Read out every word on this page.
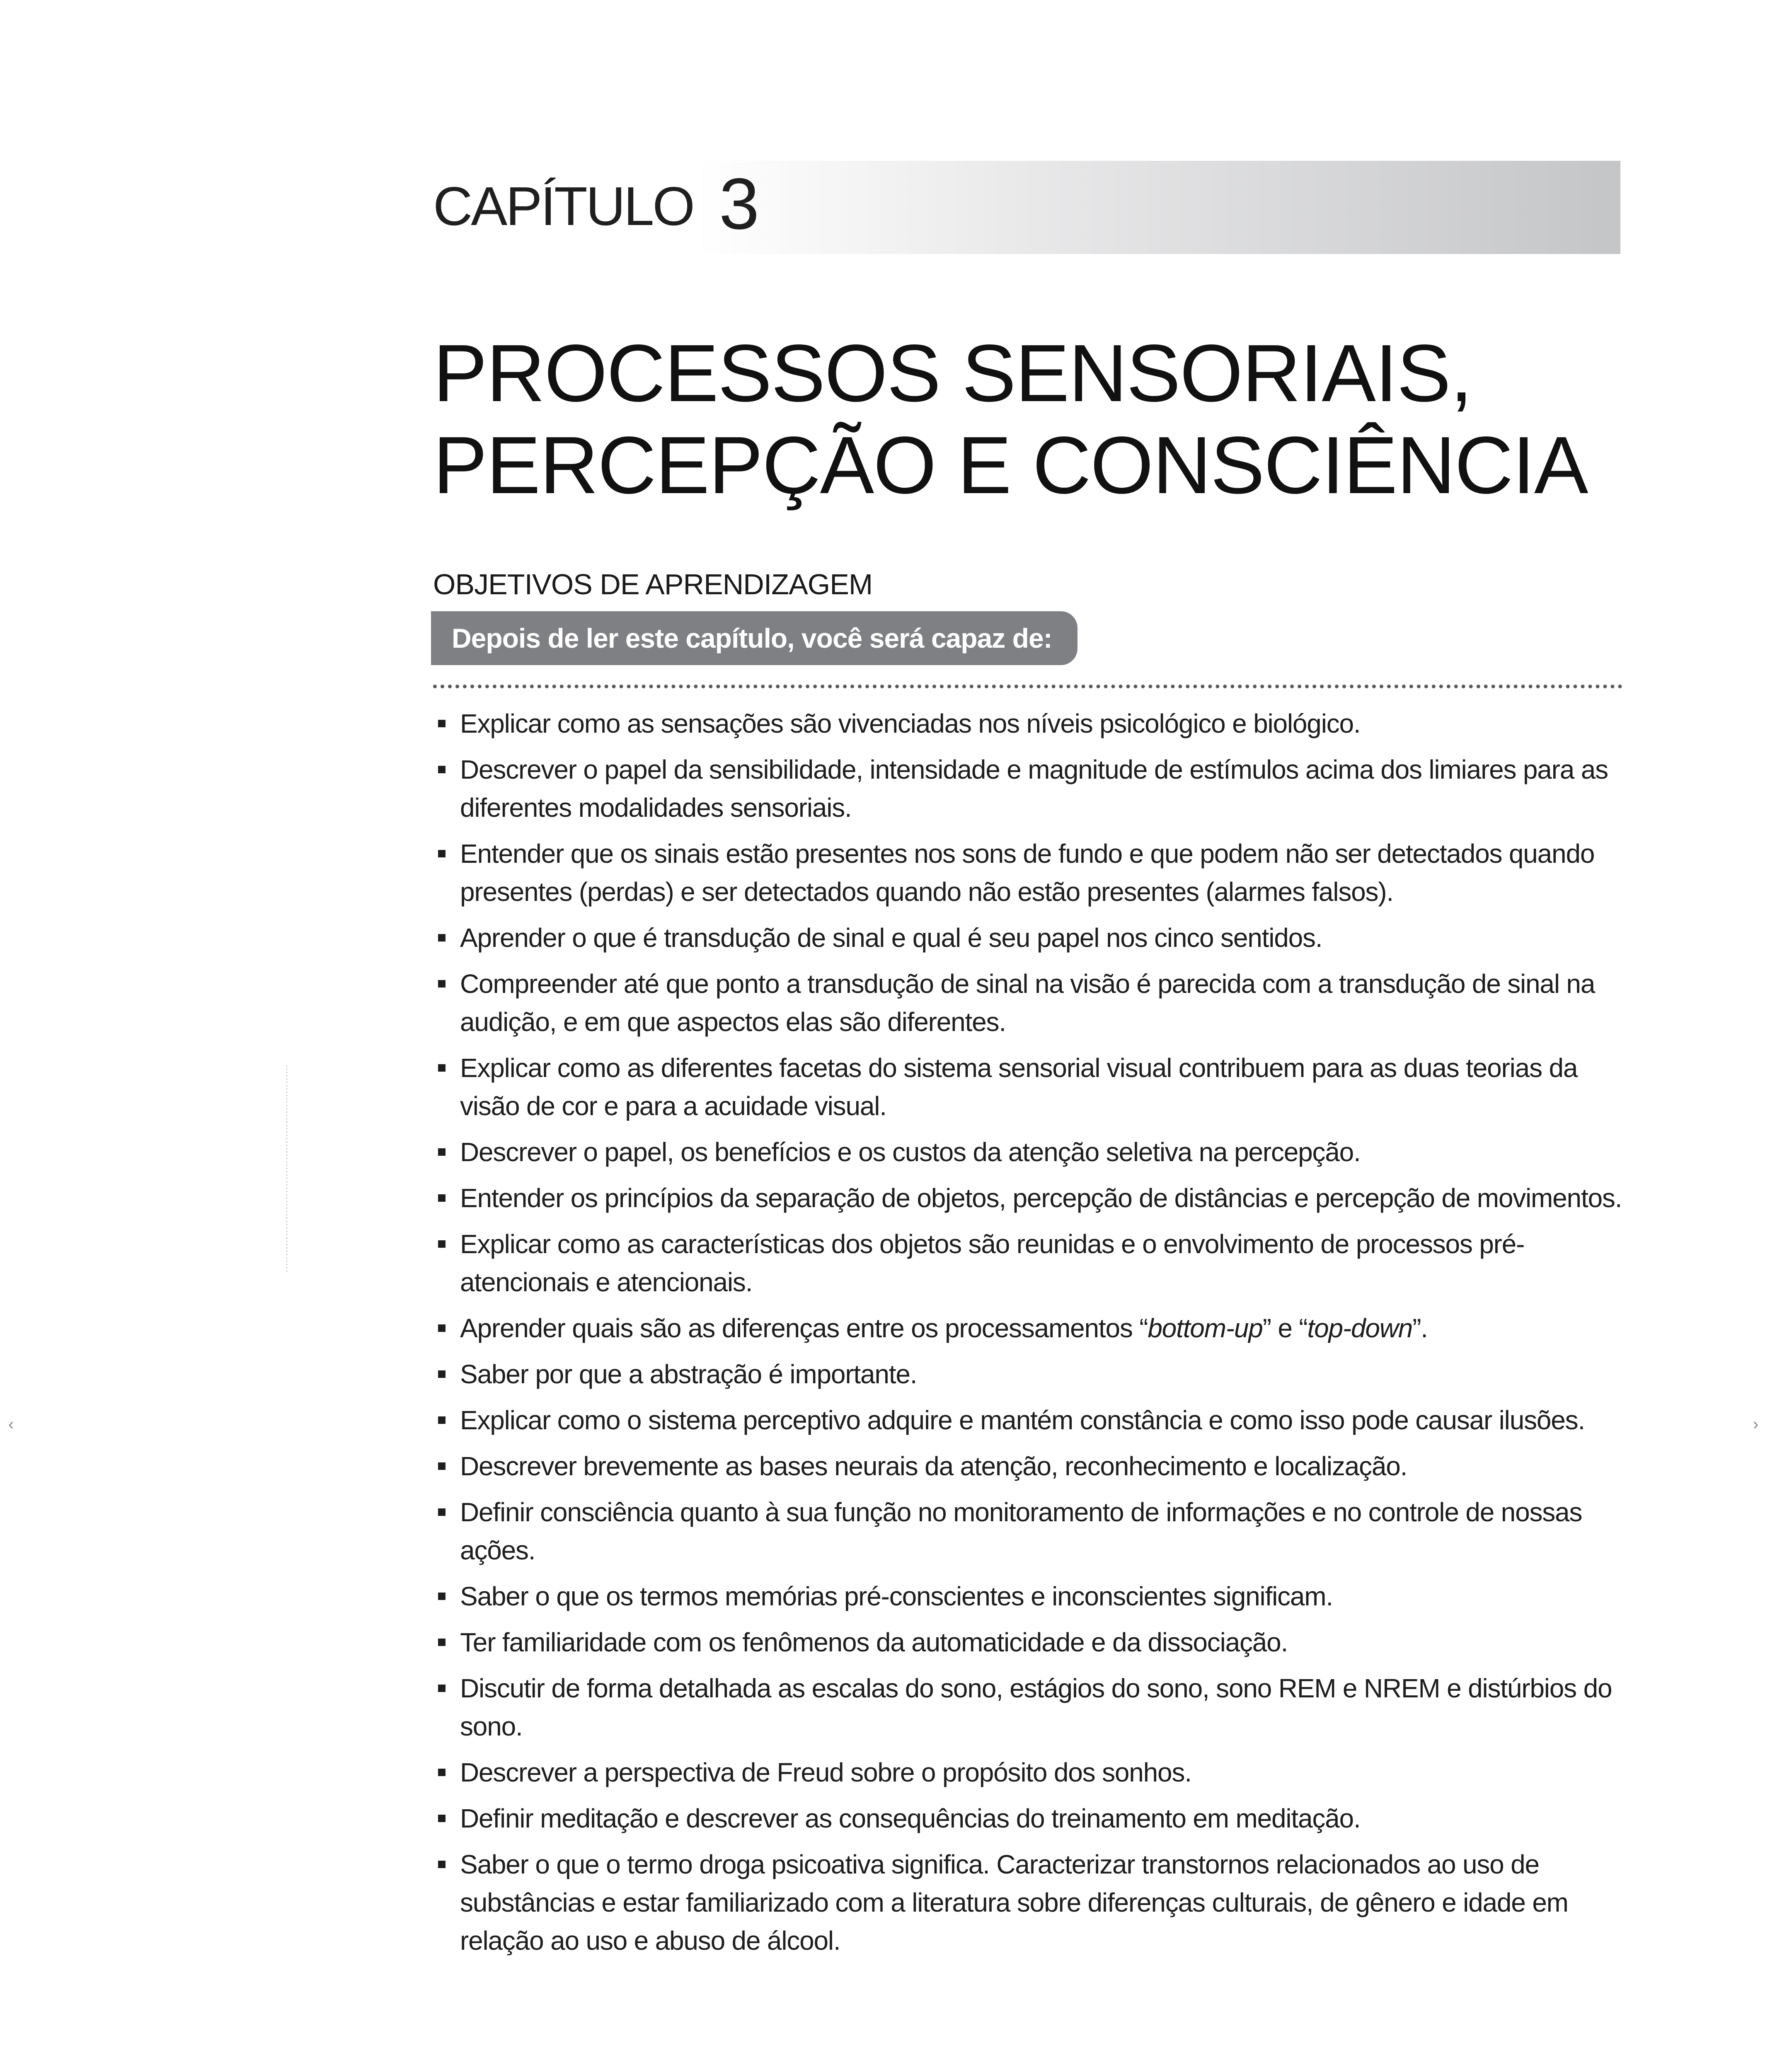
CAPÍTULO 3
PROCESSOS SENSORIAIS,
PERCEPÇÃO E CONSCIÊNCIA
OBJETIVOS DE APRENDIZAGEM
Depois de ler este capítulo, você será capaz de:
Explicar como as sensações são vivenciadas nos níveis psicológico e biológico.
Descrever o papel da sensibilidade, intensidade e magnitude de estímulos acima dos limiares para as diferentes modalidades sensoriais.
Entender que os sinais estão presentes nos sons de fundo e que podem não ser detectados quando presentes (perdas) e ser detectados quando não estão presentes (alarmes falsos).
Aprender o que é transdução de sinal e qual é seu papel nos cinco sentidos.
Compreender até que ponto a transdução de sinal na visão é parecida com a transdução de sinal na audição, e em que aspectos elas são diferentes.
Explicar como as diferentes facetas do sistema sensorial visual contribuem para as duas teorias da visão de cor e para a acuidade visual.
Descrever o papel, os benefícios e os custos da atenção seletiva na percepção.
Entender os princípios da separação de objetos, percepção de distâncias e percepção de movimentos.
Explicar como as características dos objetos são reunidas e o envolvimento de processos pré-atencionais e atencionais.
Aprender quais são as diferenças entre os processamentos “bottom-up” e “top-down”.
Saber por que a abstração é importante.
Explicar como o sistema perceptivo adquire e mantém constância e como isso pode causar ilusões.
Descrever brevemente as bases neurais da atenção, reconhecimento e localização.
Definir consciência quanto à sua função no monitoramento de informações e no controle de nossas ações.
Saber o que os termos memórias pré-conscientes e inconscientes significam.
Ter familiaridade com os fenômenos da automaticidade e da dissociação.
Discutir de forma detalhada as escalas do sono, estágios do sono, sono REM e NREM e distúrbios do sono.
Descrever a perspectiva de Freud sobre o propósito dos sonhos.
Definir meditação e descrever as consequências do treinamento em meditação.
Saber o que o termo droga psicoativa significa. Caracterizar transtornos relacionados ao uso de substâncias e estar familiarizado com a literatura sobre diferenças culturais, de gênero e idade em relação ao uso e abuso de álcool.
‹	›
